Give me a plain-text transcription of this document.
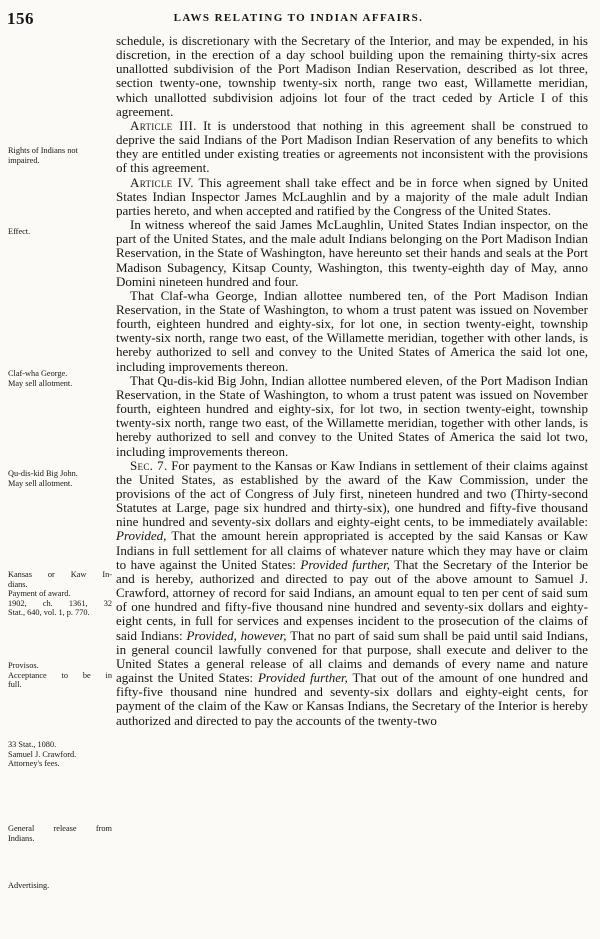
156	LAWS RELATING TO INDIAN AFFAIRS.
Rights of Indians not
impaired.
Effect.
Claf-wha George.
May sell allotment.
Qu-dis-kid Big John.
May sell allotment.
Kansas or Kaw In-
dians.
Payment of award.
1902, ch. 1361, 32
Stat., 640, vol. 1, p. 770.
Provisos.
Acceptance to be in
full.
33 Stat., 1080.
Samuel J. Crawford.
Attorney's fees.
General release from
Indians.
Advertising.

schedule, is discretionary with the Secretary of the Interior, and may be expended, in his discretion, in the erection of a day school building upon the remaining thirty-six acres unallotted subdivision of the Port Madison Indian Reservation, described as lot three, section twenty-one, township twenty-six north, range two east, Willamette meridian, which unallotted subdivision adjoins lot four of the tract ceded by Article I of this agreement.

Article III. It is understood that nothing in this agreement shall be construed to deprive the said Indians of the Port Madison Indian Reservation of any benefits to which they are entitled under existing treaties or agreements not inconsistent with the provisions of this agreement.

Article IV. This agreement shall take effect and be in force when signed by United States Indian Inspector James McLaughlin and by a majority of the male adult Indian parties hereto, and when accepted and ratified by the Congress of the United States.

In witness whereof the said James McLaughlin, United States Indian inspector, on the part of the United States, and the male adult Indians belonging on the Port Madison Indian Reservation, in the State of Washington, have hereunto set their hands and seals at the Port Madison Subagency, Kitsap County, Washington, this twenty-eighth day of May, anno Domini nineteen hundred and four.

That Claf-wha George, Indian allottee numbered ten, of the Port Madison Indian Reservation, in the State of Washington, to whom a trust patent was issued on November fourth, eighteen hundred and eighty-six, for lot one, in section twenty-eight, township twenty-six north, range two east, of the Willamette meridian, together with other lands, is hereby authorized to sell and convey to the United States of America the said lot one, including improvements thereon.

That Qu-dis-kid Big John, Indian allottee numbered eleven, of the Port Madison Indian Reservation, in the State of Washington, to whom a trust patent was issued on November fourth, eighteen hundred and eighty-six, for lot two, in section twenty-eight, township twenty-six north, range two east, of the Willamette meridian, together with other lands, is hereby authorized to sell and convey to the United States of America the said lot two, including improvements thereon.

Sec. 7. For payment to the Kansas or Kaw Indians in settlement of their claims against the United States, as established by the award of the Kaw Commission, under the provisions of the act of Congress of July first, nineteen hundred and two (Thirty-second Statutes at Large, page six hundred and thirty-six), one hundred and fifty-five thousand nine hundred and seventy-six dollars and eighty-eight cents, to be immediately available: Provided, That the amount herein appropriated is accepted by the said Kansas or Kaw Indians in full settlement for all claims of whatever nature which they may have or claim to have against the United States: Provided further, That the Secretary of the Interior be and is hereby, authorized and directed to pay out of the above amount to Samuel J. Crawford, attorney of record for said Indians, an amount equal to ten per cent of said sum of one hundred and fifty-five thousand nine hundred and seventy-six dollars and eighty-eight cents, in full for services and expenses incident to the prosecution of the claims of said Indians: Provided, however, That no part of said sum shall be paid until said Indians, in general council lawfully convened for that purpose, shall execute and deliver to the United States a general release of all claims and demands of every name and nature against the United States: Provided further, That out of the amount of one hundred and fifty-five thousand nine hundred and seventy-six dollars and eighty-eight cents, for payment of the claim of the Kaw or Kansas Indians, the Secretary of the Interior is hereby authorized and directed to pay the accounts of the twenty-two
